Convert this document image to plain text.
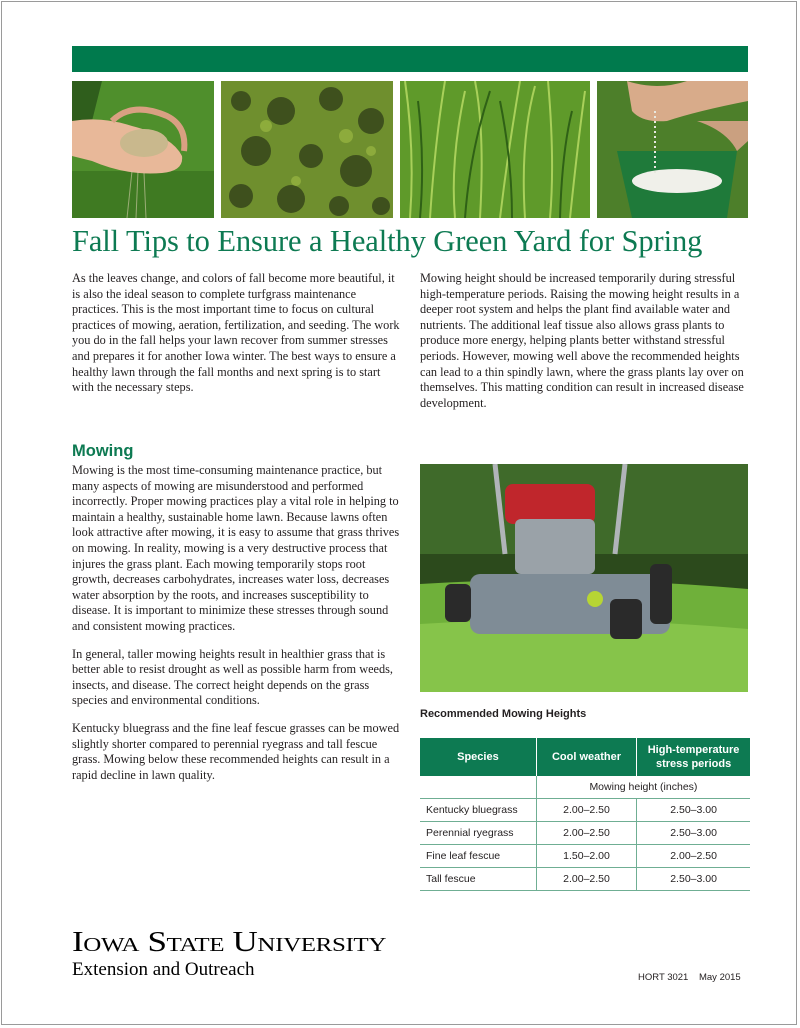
Fall Tips to Ensure a Healthy Green Yard for Spring

As the leaves change, and colors of fall become more beautiful, it is also the ideal season to complete turfgrass maintenance practices. This is the most important time to focus on cultural practices of mowing, aeration, fertilization, and seeding. The work you do in the fall helps your lawn recover from summer stresses and prepares it for another Iowa winter. The best ways to ensure a healthy lawn through the fall months and next spring is to start with the necessary steps.

Mowing

Mowing is the most time-consuming maintenance practice, but many aspects of mowing are misunderstood and performed incorrectly. Proper mowing practices play a vital role in helping to maintain a healthy, sustainable home lawn. Because lawns often look attractive after mowing, it is easy to assume that grass thrives on mowing. In reality, mowing is a very destructive process that injures the grass plant. Each mowing temporarily stops root growth, decreases carbohydrates, increases water loss, decreases water absorption by the roots, and increases susceptibility to disease. It is important to minimize these stresses through sound and consistent mowing practices.

In general, taller mowing heights result in healthier grass that is better able to resist drought as well as possible harm from weeds, insects, and disease. The correct height depends on the grass species and environmental conditions.

Kentucky bluegrass and the fine leaf fescue grasses can be mowed slightly shorter compared to perennial ryegrass and tall fescue grass. Mowing below these recommended heights can result in a rapid decline in lawn quality.

Mowing height should be increased temporarily during stressful high-temperature periods. Raising the mowing height results in a deeper root system and helps the plant find available water and nutrients. The additional leaf tissue also allows grass plants to produce more energy, helping plants better withstand stressful periods. However, mowing well above the recommended heights can lead to a thin spindly lawn, where the grass plants lay over on themselves. This matting condition can result in increased disease development.

Recommended Mowing Heights
Species	Cool weather	High-temperature stress periods
	Mowing height (inches)	
Kentucky bluegrass	2.00–2.50	2.50–3.00
Perennial ryegrass	2.00–2.50	2.50–3.00
Fine leaf fescue	1.50–2.00	2.00–2.50
Tall fescue	2.00–2.50	2.50–3.00
Iowa State University
Extension and Outreach	HORT 3021 May 2015
